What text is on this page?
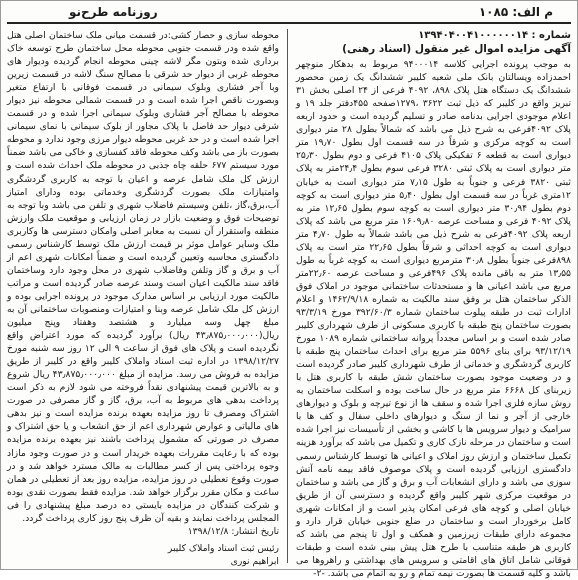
م الف: ۱۰۸۵
روزنامه طرح‌نو

شماره : ۱۳۹۴۰۴۰۰۴۱۰۰۰۰۰۰۱۴

آگهی مزایده اموال غیر منقول (اسناد رهنی)

به موجب پرونده اجرایی کلاسه ۹۴۰۰۰۱۴ مربوط به بدهکار منوچهر احمدزاده ویسالتان بانک ملی شعبه کلیبر ششدانگ یک زمین محصور ششدانگ یک دستگاه هتل پلاک ۸۹۸، ۴۰۹۲ فرعی از ۲۴ اصلی بخش ۳۱ تبریز واقع در کلیبر که ذیل ثبت ۳۶۲۲ ،۱۲۷۹صفحه ۴۵۵دفتر جلد ۱۹ و اعلام موجودی اجرایی بدنامه صادر و تسلیم گردیده است و حدود اربعه پلاک ۴۰۹۲فرعی به شرح ذیل می باشد که شمالاً بطول ۲۸ متر دیواری است به کوچه مرکزی و شرقاً در سه قسمت اول بطول ۱۹٫۷۰ متر دیواری است به قطعه ۶ تفکیکی پلاک ۴۱۰۵ فرعی و دوم بطول ۲۵٫۳۰ متر دیواری است به پلاک ثبتی ۳۲۸۰ فرعی سوم بطول ۲۴٫۴متر به پلاک ثبتی ۳۸۲۰ فرعی و جنوباً به طول ۷٫۱۵ متر دیواری است به خیابان ۱۲متری غرباً در سه قسمت اول بطول ۵٫۴۰ متر دیواری است به کوچه دوم بطول ۳۰٫۹۴ متر دیواری است به کوچه سوم بطول ۱۲٫۶۵ متر به پلاک ۴۰۹۲ فرعی و مساحت عرصه ۱۶۰۹٫۸۰ متر مربع می باشد که پلاک اربعه پلاک ۴۰۹۲فرعی به شرح ذیل می باشد شمالاً به طول ۴٫۷۰ متر دیواری است به کوچه احداثی و شرقاً بطول ۲۲٫۶۵ متر است به پلاک ۸۹۸فرعی جنوباً بطول ۳۰٫۸ مترمربع دیواری است به کوچه غرباً به طول ۱۳٫۵۵ متر به باقی مانده پلاک ۴۹۶فرعی و مساحت عرصه ۲۲٫۶۰متر مربع می باشد اعیانی ها و مستحدثات ساختمانی موجود در املاک فوق الذکر ساختمان هتل بر وفق سند مالکیت به شماره ۱۴۶۲/۹/۱۸ و اعلام ادارات ثبت در طبقه پیلوت ساختمان شماره ۳۹۲/۶۰/۳ مورخ ۹۳/۳/۱۹ بصورت ساختمان پنج طبقه با کاربری مسکونی از طرف شهرداری کلیبر صادر شده است و بر اساس مجدداً پروانه ساختمانی شماره ۱۰۸۹ مورخ ۹۳/۱۲/۱۹ برای بنای ۵۵۹۶ متر مربع برای احداث ساختمان پنج طبقه با کاربری گردشگری و خدماتی از طرف شهرداری کلیبر صادر گردیده است و در وضعیت موجود بصورت ساختمان شش طبقه با کاربری هتل با زیربنای کل ۶۶۶۸ متر مربع در حال ساخت بوده و اسکلت ساختمان به روش سازه فلزی اجرا شده و سقف ها از نوع تیرچه و بلوک و دیوارهای خارجی از آجر و نما از سنگ و دیوارهای داخلی سفال و کف ها با سرامیک و دیوار سرویس ها با کاشی و بخشی از تأسیسات نیز اجرا شده است و ساختمان در مرحله نازک کاری و تکمیل می باشد که برآورد هزینه تکمیل ساختمان و ارزش روز املاک و اعیانی ها توسط کارشناس رسمی دادگستری ارزیابی گردیده است و پلاک موصوف فاقد بیمه نامه آتش سوزی می باشد و دارای انشعابات آب و برق و گاز می باشد و ساختمان در موقعیت مرکزی شهر کلیبر واقع گردیده و دسترسی آن از طریق خیابان اصلی و کوچه های فرعی امکان پذیر است و از امکانات شهری کامل برخوردار است و ساختمان در ضلع جنوبی خیابان قرار دارد و مجموعه دارای طبقات زیرزمین و همکف و اول تا پنجم می باشد که کاربری هر طبقه متناسب با طرح هتل پیش بینی شده است و طبقات فوقانی شامل اتاق های اقامتی و سرویس های بهداشتی و راهروها می باشد و کلیه قسمت ها بصورت نیمه تمام و رو به اتمام می باشد. -۲-

محوطه سازی و حصار کشی:در قسمت میانی ملک ساختمان اصلی هتل واقع شده ودر قسمت جنوبی محوطه محل ساختمان طرح توسعه خاک برداری شده وبتون مگر لاشه چینی محوطه انجام گردیده ودیوار های محوطه غربی از دیوار حد شرقی با مصالح سنگ لاشه در قسمت زیرین وبا آجر فشاری وبلوک سیمانی در قسمت فوقانی با ارتفاع متغیر وبصورت ناقص اجرا شده است و در قسمت شمالی محوطه نیز دیوار محوطه با مصالح آجر فشاری وبلوک سیمانی اجرا شده و در قسمت شرقی دیوار حد فاصل با پلاک مجاور از بلوک سیمانی با نمای سیمانی اجرا شده است و در حد غربی محوطه دیوار مرزی وجود ندارد و محوطه بصورت باز می باشد وکف محوطه فاقد کفسازی و خاکی می باشد ضمناً مورد سیستم ۶۷۷ حلقه چاه جذبی در محوطه ملک احداث شده است و ارزش کل ملک شامل عرصه و اعیان با توجه به کاربری گردشگری وامتیازات ملک بصورت گردشگری وخدماتی بوده ودارای امتیاز آب،برق،گاز ،تلفن وسیستم فاضلاب شهری و تلفن می باشد وبا توجه به توضیحات فوق و وضعیت بازار در زمان ارزیابی و موقعیت ملک وارزش منطقه واستقرار آن نسبت به معابر اصلی وامکان دسترسی ها وکاربری ملک وسایر عوامل موثر بر قیمت ارزش ملک توسط کارشناس رسمی دادگستری محاسبه وتعیین گردیده است و ضمناً امکانات شهری اعم از آب و برق و گاز وتلفن وفاضلاب شهری در محل وجود دارد وساختمان فاقد سند مالکیت اعیان است وسند عرصه صادر گردیده است و مراتب مالکیت مورد ارزیابی بر اساس مدارک موجود در پرونده اجرایی بوده و ارزش کل ملک شامل عرصه وبنا و امتیازات ومنصوبات ساختمانی آن به مبلغ چهل وسه میلیارد و هشتصد وهفتاد وپنج میلیون ریال(۴۳٫۸۷۵٫۰۰۰٫۰۰۰ ریال) برآورد گردیده که مورد اعتراض واقع نگردیده است و پلاک های فوق از ساعت ۹ الی ۱۲ روز سه شنبه مورخ ۱۳۹۸/۱۲/۲۷ در اداره ثبت اسناد واملاک کلیبر واقع در کلیبر از طریق مزایده به فروش می رسد. مزایده از مبلغ ۴۳٫۸۷۵٫۰۰۰٫۰۰۰ ریال شروع و به بالاترین قیمت پیشنهادی نقداً فروخته می شود لازم به ذکر است پرداخت بدهی های مربوط به آب، برق، گاز و گاز مصرفی در صورت اشتراک ومصرف تا روز مزایده بعهده برنده مزایده است و نیز بدهی های مالیاتی و عوارض شهرداری اعم از حق انشعاب و یا حق اشتراک و مصرف در صورتی که مشمول پرداخت باشند نیز بعهده برنده مزایده بوده که با رعایت مقررات بعهده خریدار است و در صورت وجود مازاد وجوه پرداختی پس از کسر مطالبات به مالک مسترد خواهد شد و در صورت وقوع تعطیلی در روز مزایده، مزایده روز بعد از تعطیلی در همان ساعت و مکان مقرر برگزار خواهد شد. مزایده فقط بصورت نقدی بوده و شرکت کنندگان در مزایده بایستی ده درصد مبلغ پیشنهادی را فی المجلس پرداخت نمایند و بقیه آن ظرف پنج روز کاری پرداخت گردد.

تاریخ انتشار: ۱۳۹۸/۱۲/۸

رئیس ثبت اسناد واملاک کلیبر

ابراهیم نوری
